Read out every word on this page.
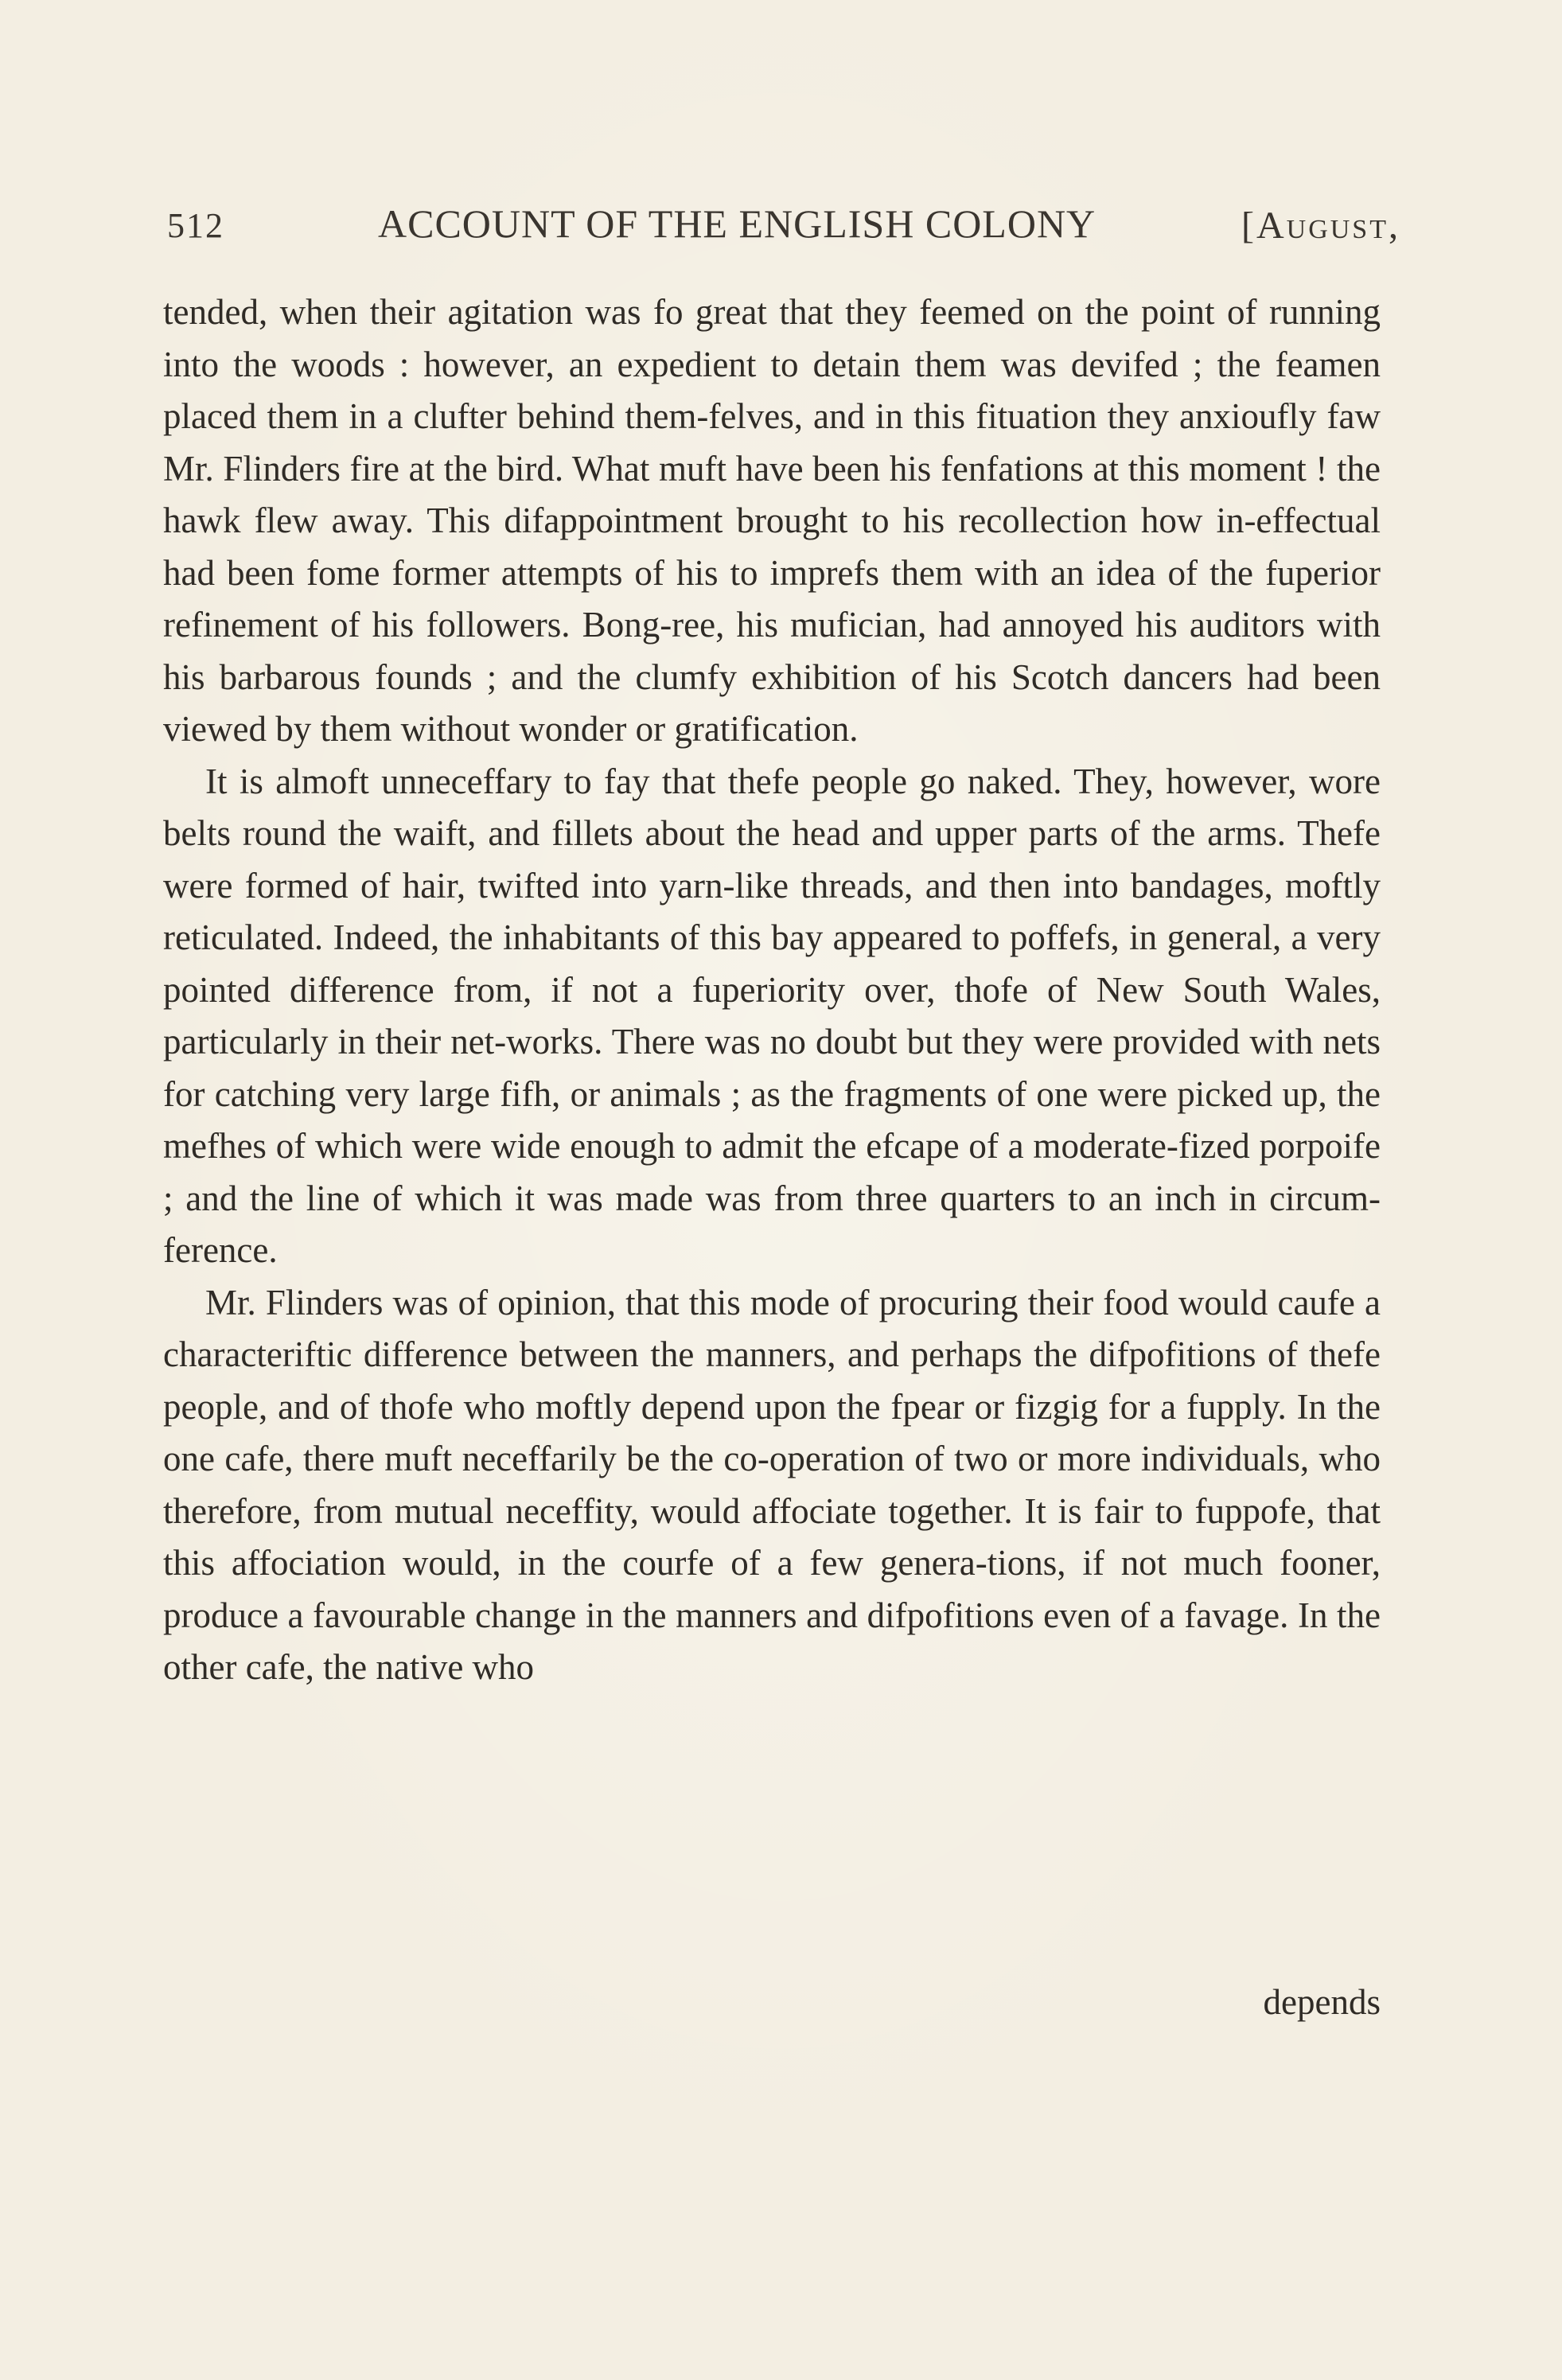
512	ACCOUNT OF THE ENGLISH COLONY	[August,

tended, when their agitation was fo great that they feemed on the point of running into the woods : however, an expedient to detain them was devifed ; the feamen placed them in a clufter behind them-felves, and in this fituation they anxioufly faw Mr. Flinders fire at the bird. What muft have been his fenfations at this moment ! the hawk flew away. This difappointment brought to his recollection how in-effectual had been fome former attempts of his to imprefs them with an idea of the fuperior refinement of his followers. Bong-ree, his mufician, had annoyed his auditors with his barbarous founds ; and the clumfy exhibition of his Scotch dancers had been viewed by them without wonder or gratification.

It is almoft unneceffary to fay that thefe people go naked. They, however, wore belts round the waift, and fillets about the head and upper parts of the arms. Thefe were formed of hair, twifted into yarn-like threads, and then into bandages, moftly reticulated. Indeed, the inhabitants of this bay appeared to poffefs, in general, a very pointed difference from, if not a fuperiority over, thofe of New South Wales, particularly in their net-works. There was no doubt but they were provided with nets for catching very large fifh, or animals ; as the fragments of one were picked up, the mefhes of which were wide enough to admit the efcape of a moderate-fized porpoife ; and the line of which it was made was from three quarters to an inch in circum-ference.

Mr. Flinders was of opinion, that this mode of procuring their food would caufe a characteriftic difference between the manners, and perhaps the difpofitions of thefe people, and of thofe who moftly depend upon the fpear or fizgig for a fupply. In the one cafe, there muft neceffarily be the co-operation of two or more individuals, who therefore, from mutual neceffity, would affociate together. It is fair to fuppofe, that this affociation would, in the courfe of a few genera-tions, if not much fooner, produce a favourable change in the manners and difpofitions even of a favage. In the other cafe, the native who

depends
